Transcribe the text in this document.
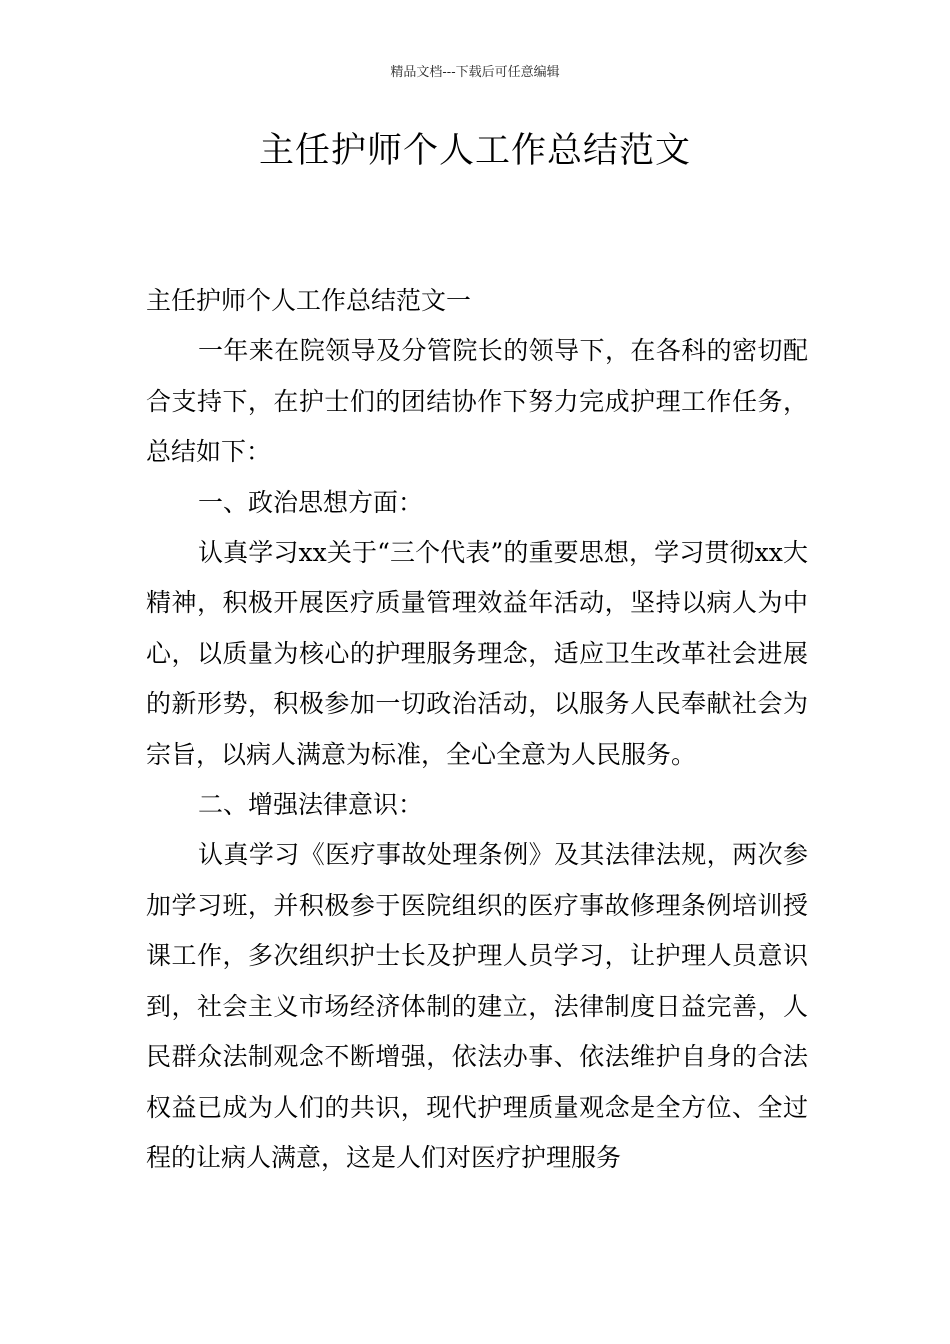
精品文档---下载后可任意编辑
主任护师个人工作总结范文

主任护师个人工作总结范文一

一年来在院领导及分管院长的领导下，在各科的密切配合支持下，在护士们的团结协作下努力完成护理工作任务，总结如下：

一、政治思想方面：

认真学习xx关于“三个代表”的重要思想，学习贯彻xx大精神，积极开展医疗质量管理效益年活动，坚持以病人为中心，以质量为核心的护理服务理念，适应卫生改革社会进展的新形势，积极参加一切政治活动，以服务人民奉献社会为宗旨，以病人满意为标准，全心全意为人民服务。

二、增强法律意识：

认真学习《医疗事故处理条例》及其法律法规，两次参加学习班，并积极参于医院组织的医疗事故修理条例培训授课工作，多次组织护士长及护理人员学习，让护理人员意识到，社会主义市场经济体制的建立，法律制度日益完善，人民群众法制观念不断增强，依法办事、依法维护自身的合法权益已成为人们的共识，现代护理质量观念是全方位、全过程的让病人满意，这是人们对医疗护理服务
